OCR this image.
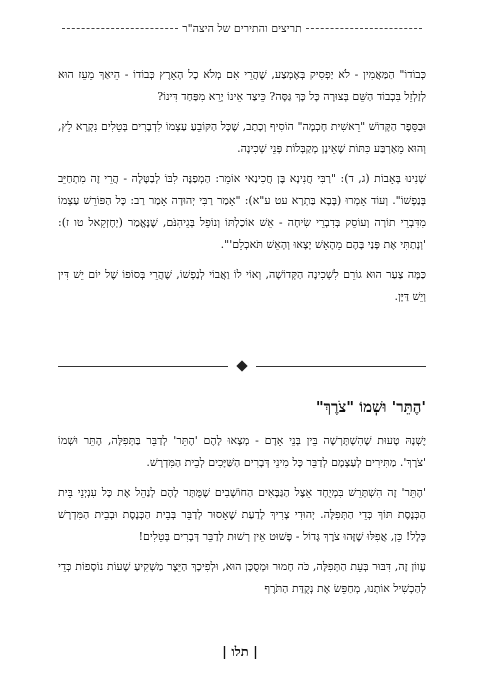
תריצים והתירים של היצה"ר

כְּבוֹדוֹ" הַמַּאֲמִין - לֹא יַפְסִיק בְּאֶמְצַע, שֶׁהֲרֵי אִם מְלֹא כָל הָאָרֶץ כְּבוֹדוֹ - הֵיאַךְ מֵעֵז הוּא לְזַלְזֵל בִּכְבוֹד הַשֵּׁם בְּצוּרָה כָּל כָּךְ גַּסָּה? כֵּיצַד אֵינוֹ יָרֵא מִפַּחַד דִּינוֹ?

וּבַסֵּפֶר הַקָּדוֹשׁ "רֵאשִׁית חָכְמָה" הוֹסִיף וְכָתַב, שֶׁכָּל הַקּוֹבֵעַ עַצְמוֹ לִדְבָרִים בְּטֵלִים נִקְרָא לֵץ, וְהוּא מֵאַרְבַּע כִּתּוֹת שֶׁאֵינָן מְקַבְּלוֹת פְּנֵי שְׁכִינָה.

שָׁנִינוּ בְּאָבוֹת (ג, ד): "רַבִּי חֲנִינָא בֶּן חֲכִינַאי אוֹמֵר: הַמְפַנֶּה לִבּוֹ לְבַטָּלָה - הֲרֵי זֶה מִתְחַיֵּב בְּנַפְשׁוֹ". וְעוֹד אָמְרוּ (בָּבָא בַּתְרָא עט ע"א): "אָמַר רַבִּי יְהוּדָה אָמַר רַב: כָּל הַפּוֹרֵשׁ עַצְמוֹ מִדִּבְרֵי תוֹרָה וְעוֹסֵק בְּדִבְרֵי שִׂיחָה - אֵשׁ אוֹכַלְתּוֹ וְנוֹפֵל בְּגֵיהִנֹּם, שֶׁנֶּאֱמַר (יְחֶזְקֵאל טו ז): 'וְנָתַתִּי אֶת פָּנַי בָּהֶם מֵהָאֵשׁ יָצָאוּ וְהָאֵשׁ תֹּאכְלֵם'".

כַּמָּה צַעַר הוּא גוֹרֵם לִשְׁכִינָה הַקְּדוֹשָׁה, וְאוֹי לוֹ וַאֲבוֹי לְנַפְשׁוֹ, שֶׁהֲרֵי בְּסוֹפוֹ שֶׁל יוֹם יֵשׁ דִּין וְיֵשׁ דַּיָּן.

'הֶתֵּר' וּשְׁמוֹ "צֹרֶךְ"

יֶשְׁנָהּ טָעוּת שֶׁהִשְׁתָּרְשָׁה בֵּין בְּנֵי אָדָם - מְצָאוּ לָהֶם 'הֶתֵּר' לְדַבֵּר בַּתְּפִלָּה, הֶתֵּר וּשְׁמוֹ 'צֹרֶךְ'. מַתִּירִים לְעַצְמָם לְדַבֵּר כָּל מִינֵי דְּבָרִים הַשַּׁיָּכִים לְבֵית הַמִּדְרָשׁ.

'הֶתֵּר' זֶה הִשְׁתָּרֵשׁ בִּמְיֻחָד אֵצֶל הַגַּבָּאִים הַחוֹשְׁבִים שֶׁמֻּתָּר לָהֶם לְנַהֵל אֶת כָּל עִנְיְנֵי בֵּית הַכְּנֶסֶת תּוֹךְ כְּדֵי הַתְּפִלָּה. יְהוּדִי צָרִיךְ לָדַעַת שֶׁאָסוּר לְדַבֵּר בְּבֵית הַכְּנֶסֶת וּבְבֵית הַמִּדְרָשׁ כְּלָל! כֵּן, אֲפִלּוּ שֶׁזֶּהוּ צֹרֶךְ גָּדוֹל - פָּשׁוּט אֵין רְשׁוּת לְדַבֵּר דְּבָרִים בְּטֵלִים!

עָווֹן זֶה, דִּבּוּר בְּעֵת הַתְּפִלָּה, כֹּה חָמוּר וּמְסֻכָּן הוּא, וּלְפִיכָךְ הַיֵּצֶר מַשְׁקִיעַ שָׁעוֹת נוֹסָפוֹת כְּדֵי לְהַכְשִׁיל אוֹתָנוּ, מְחַפֵּשׂ אֶת נְקֻדַּת הַתֹּרֶף

| תלו |
